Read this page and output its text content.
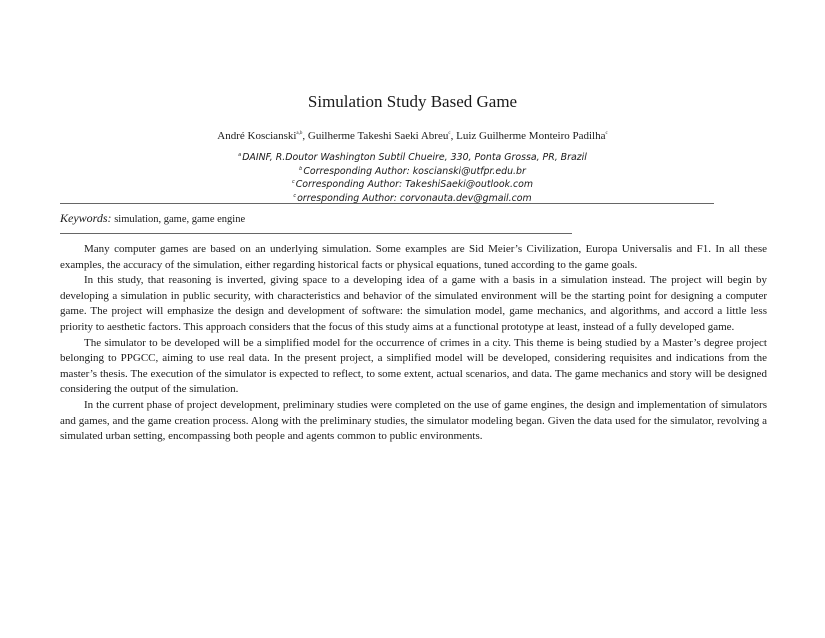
Simulation Study Based Game
André Koscianski$^{a,b}$, Guilherme Takeshi Saeki Abreu$^c$, Luiz Guilherme Monteiro Padilha$^c$
$^a$DAINF, R.Doutor Washington Subtil Chueire, 330, Ponta Grossa, PR, Brazil
$^b$Corresponding Author: koscianski@utfpr.edu.br
$^c$Corresponding Author: TakeshiSaeki@outlook.com
$^c$orresponding Author: corvonauta.dev@gmail.com
Keywords: simulation, game, game engine

Many computer games are based on an underlying simulation. Some examples are Sid Meier’s Civilization, Europa Universalis and F1. In all these examples, the accuracy of the simulation, either regarding historical facts or physical equations, tuned according to the game goals.

In this study, that reasoning is inverted, giving space to a developing idea of a game with a basis in a simulation instead. The project will begin by developing a simulation in public security, with characteristics and behavior of the simulated environment will be the starting point for designing a computer game. The project will emphasize the design and development of software: the simulation model, game mechanics, and algorithms, and accord a little less priority to aesthetic factors. This approach considers that the focus of this study aims at a functional prototype at least, instead of a fully developed game.

The simulator to be developed will be a simplified model for the occurrence of crimes in a city. This theme is being studied by a Master’s degree project belonging to PPGCC, aiming to use real data. In the present project, a simplified model will be developed, considering requisites and indications from the master’s thesis. The execution of the simulator is expected to reflect, to some extent, actual scenarios, and data. The game mechanics and story will be designed considering the output of the simulation.

In the current phase of project development, preliminary studies were completed on the use of game engines, the design and implementation of simulators and games, and the game creation process. Along with the preliminary studies, the simulator modeling began. Given the data used for the simulator, revolving a simulated urban setting, encompassing both people and agents common to public environments.
